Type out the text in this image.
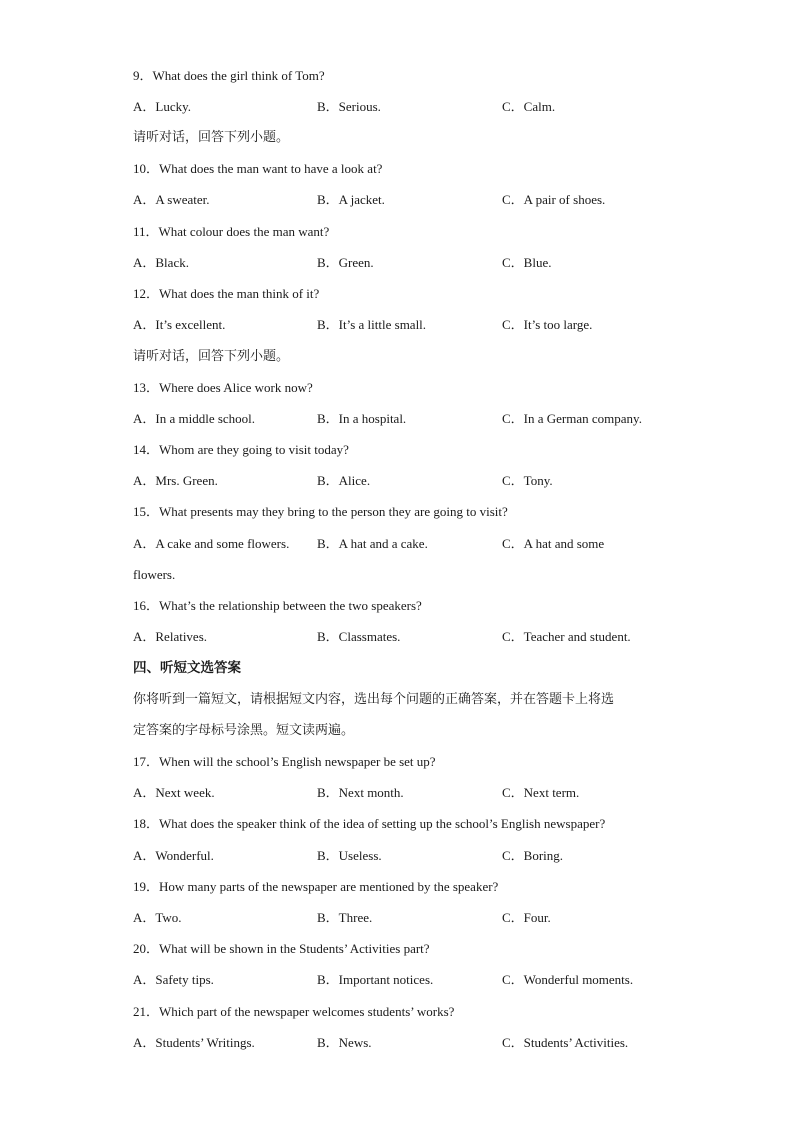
9．What does the girl think of Tom?
A．Lucky.	B．Serious.	C．Calm.
请听对话，回答下列小题。
10．What does the man want to have a look at?
A．A sweater.	B．A jacket.	C．A pair of shoes.
11．What colour does the man want?
A．Black.	B．Green.	C．Blue.
12．What does the man think of it?
A．It’s excellent.	B．It’s a little small.	C．It’s too large.
请听对话，回答下列小题。
13．Where does Alice work now?
A．In a middle school.	B．In a hospital.	C．In a German company.
14．Whom are they going to visit today?
A．Mrs. Green.	B．Alice.	C．Tony.
15．What presents may they bring to the person they are going to visit?
A．A cake and some flowers. B．A hat and a cake.	C．A hat and some
flowers.
16．What’s the relationship between the two speakers?
A．Relatives.	B．Classmates.	C．Teacher and student.
四、听短文选答案
你将听到一篇短文，请根据短文内容，选出每个问题的正确答案，并在答题卡上将选
定答案的字母标号涂黑。短文读两遍。
17．When will the school’s English newspaper be set up?
A．Next week.	B．Next month.	C．Next term.
18．What does the speaker think of the idea of setting up the school’s English newspaper?
A．Wonderful.	B．Useless.	C．Boring.
19．How many parts of the newspaper are mentioned by the speaker?
A．Two.	B．Three.	C．Four.
20．What will be shown in the Students’ Activities part?
A．Safety tips.	B．Important notices.	C．Wonderful moments.
21．Which part of the newspaper welcomes students’ works?
A．Students’ Writings.	B．News.	C．Students’ Activities.
